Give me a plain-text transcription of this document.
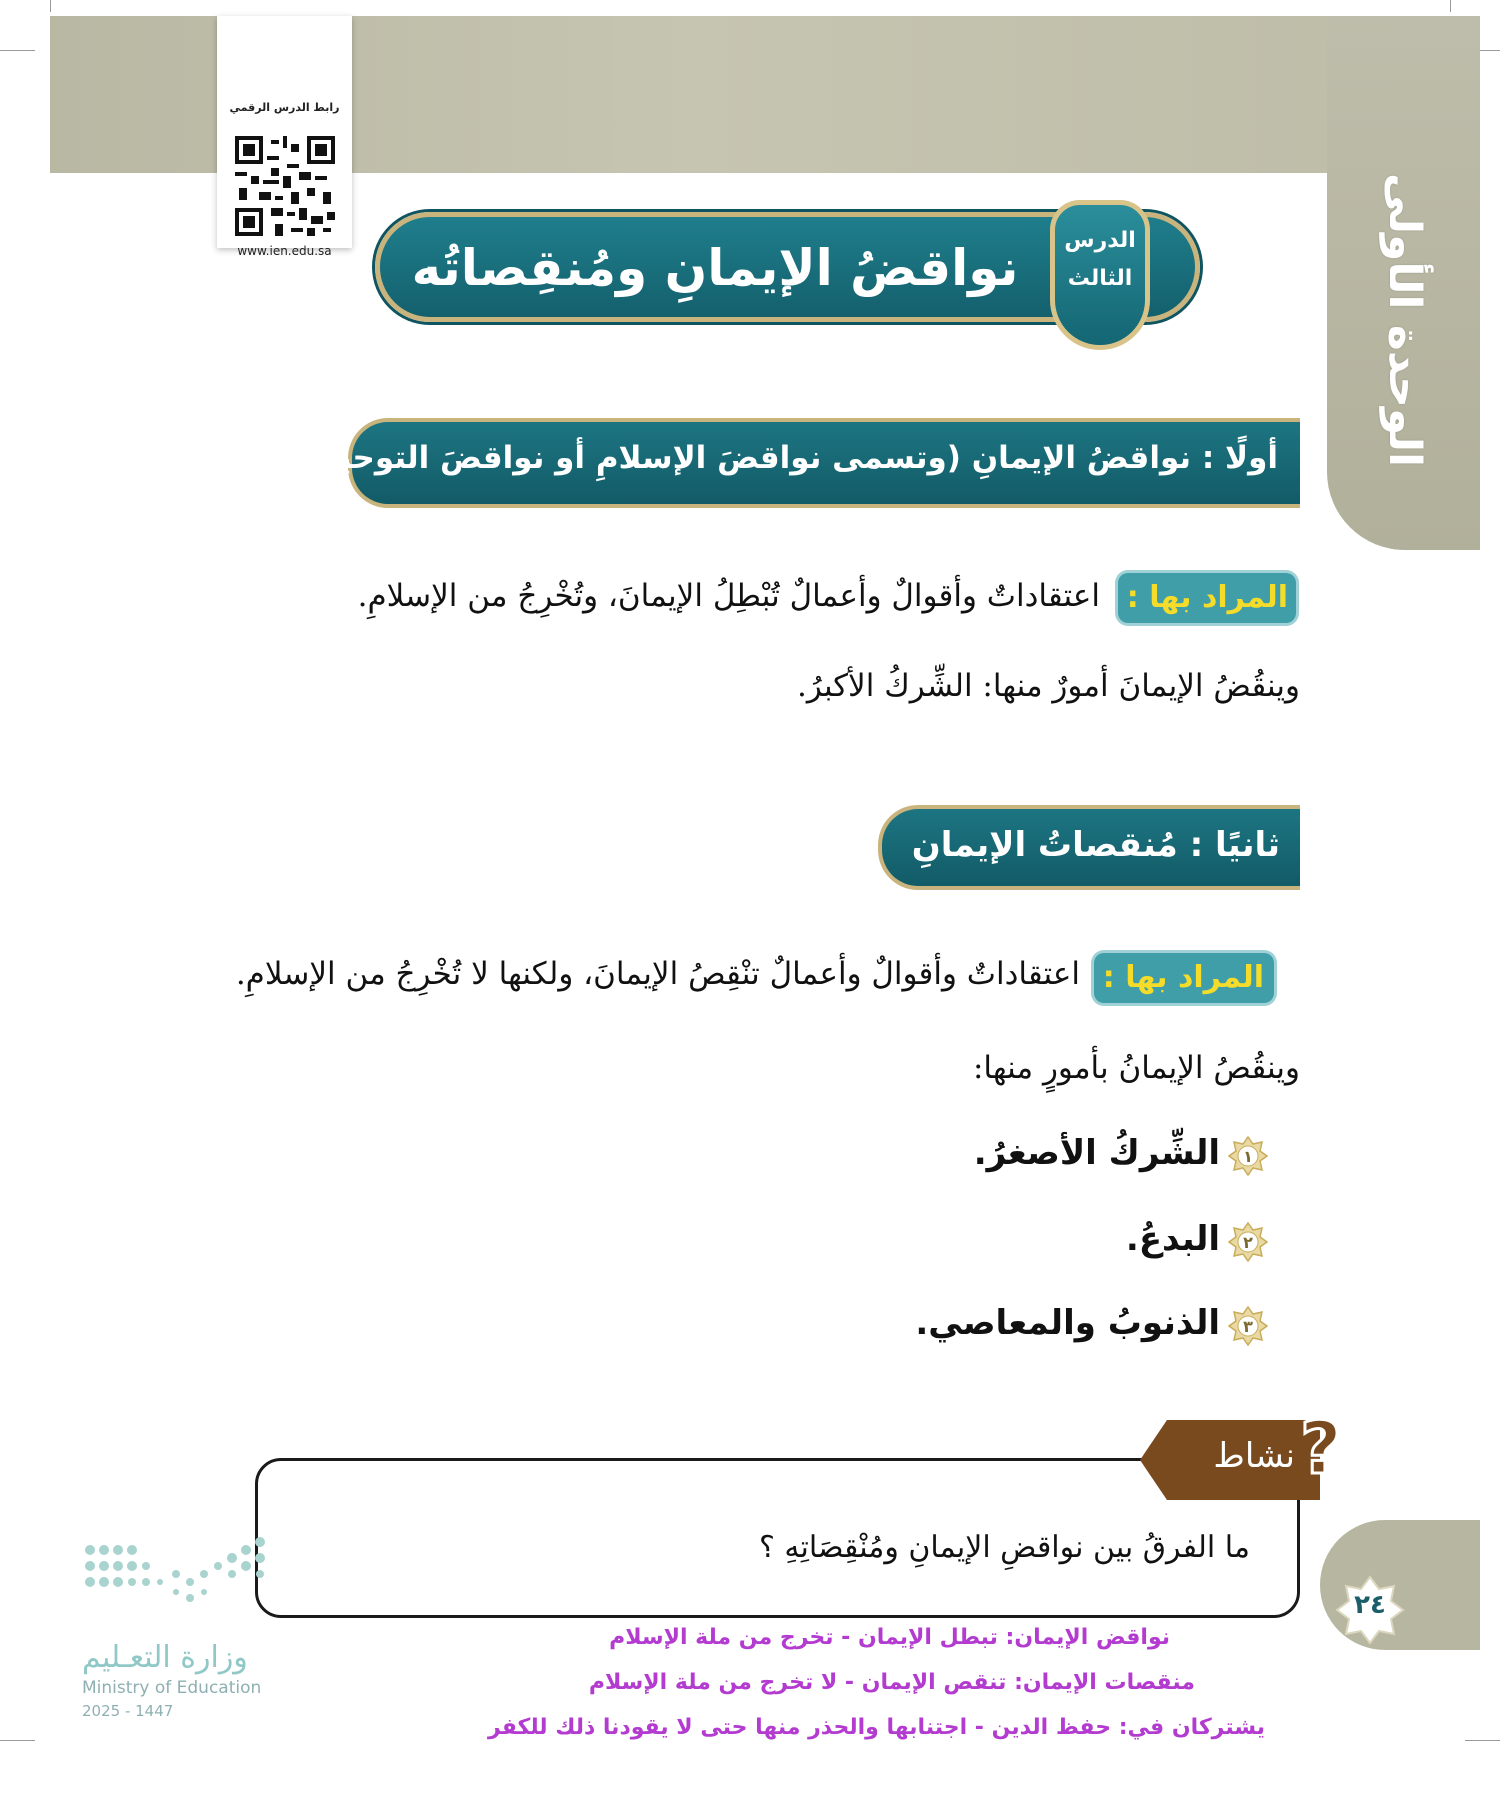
الوحدة الأولى
رابط الدرس الرقمي
www.ien.edu.sa	نواقضُ الإيمانِ ومُنقِصاتُه	الدرس
الثالث
أولًا : نواقضُ الإيمانِ (وتسمى نواقضَ الإسلامِ أو نواقضَ التوحيدِ)
المراد بها :
اعتقاداتٌ وأقوالٌ وأعمالٌ تُبْطِلُ الإيمانَ، وتُخْرِجُ من الإسلامِ.
وينقُضُ الإيمانَ أمورٌ منها: الشِّركُ الأكبرُ.
ثانيًا : مُنقصاتُ الإيمانِ
المراد بها :
اعتقاداتٌ وأقوالٌ وأعمالٌ تنْقِصُ الإيمانَ، ولكنها لا تُخْرِجُ من الإسلامِ.
وينقُصُ الإيمانُ بأمورٍ منها:
١
الشِّركُ الأصغرُ.
٢
البدعُ.
٣
الذنوبُ والمعاصي.
نشاط ?
ما الفرقُ بين نواقضِ الإيمانِ ومُنْقِصَاتِهِ ؟
٢٤
نواقض الإيمان: تبطل الإيمان - تخرج من ملة الإسلام
منقصات الإيمان: تنقص الإيمان - لا تخرج من ملة الإسلام
يشتركان في: حفظ الدين - اجتنابها والحذر منها حتى لا يقودنا ذلك للكفر
وزارة التعـليم
Ministry of Education
2025 - 1447
